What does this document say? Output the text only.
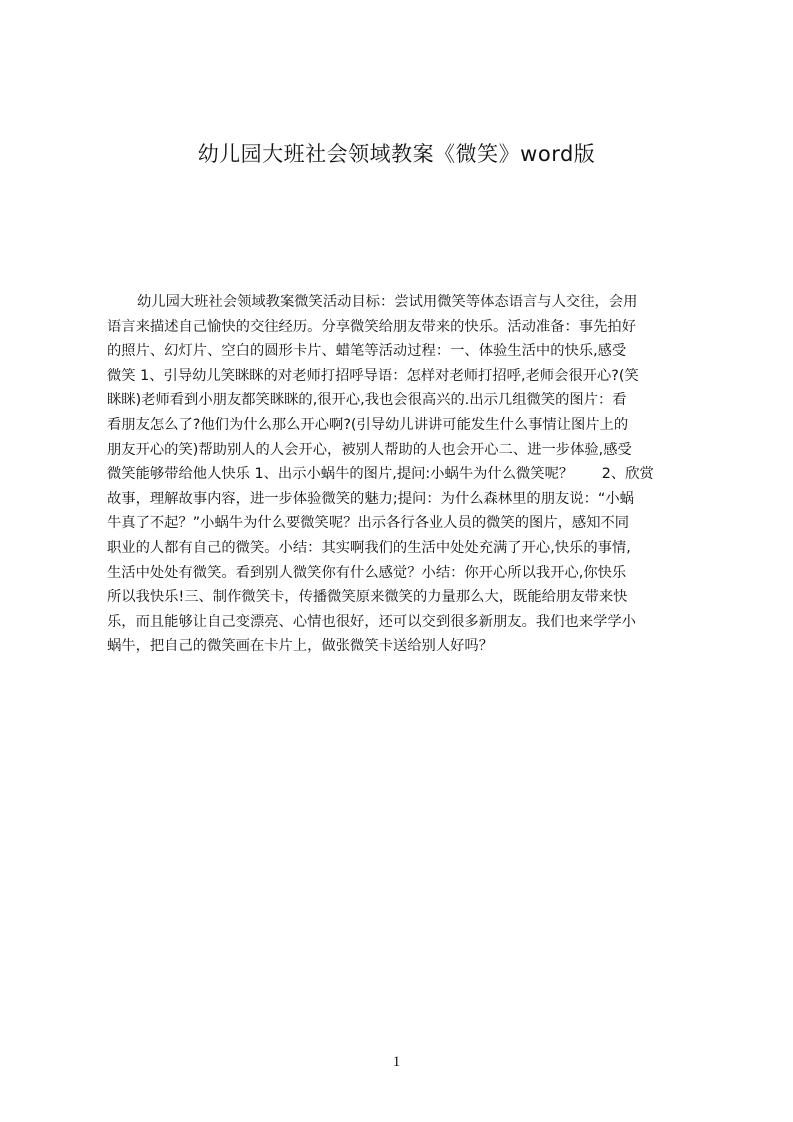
幼儿园大班社会领域教案《微笑》word版
幼儿园大班社会领域教案微笑活动目标：尝试用微笑等体态语言与人交往，会用
语言来描述自己愉快的交往经历。分享微笑给朋友带来的快乐。活动准备：事先拍好
的照片、幻灯片、空白的圆形卡片、蜡笔等活动过程：一、体验生活中的快乐,感受
微笑 1、引导幼儿笑眯眯的对老师打招呼导语：怎样对老师打招呼,老师会很开心?(笑
眯眯)老师看到小朋友都笑眯眯的,很开心,我也会很高兴的.出示几组微笑的图片：看
看朋友怎么了?他们为什么那么开心啊?(引导幼儿讲讲可能发生什么事情让图片上的
朋友开心的笑)帮助别人的人会开心，被别人帮助的人也会开心二、进一步体验,感受
微笑能够带给他人快乐 1、出示小蜗牛的图片,提问:小蜗牛为什么微笑呢？　　2、欣赏
故事，理解故事内容，进一步体验微笑的魅力;提问：为什么森林里的朋友说：“小蜗
牛真了不起？”小蜗牛为什么要微笑呢？出示各行各业人员的微笑的图片，感知不同
职业的人都有自己的微笑。小结：其实啊我们的生活中处处充满了开心,快乐的事情,
生活中处处有微笑。看到别人微笑你有什么感觉？小结：你开心所以我开心,你快乐
所以我快乐!三、制作微笑卡，传播微笑原来微笑的力量那么大，既能给朋友带来快
乐，而且能够让自己变漂亮、心情也很好，还可以交到很多新朋友。我们也来学学小
蜗牛，把自己的微笑画在卡片上，做张微笑卡送给别人好吗？
1
